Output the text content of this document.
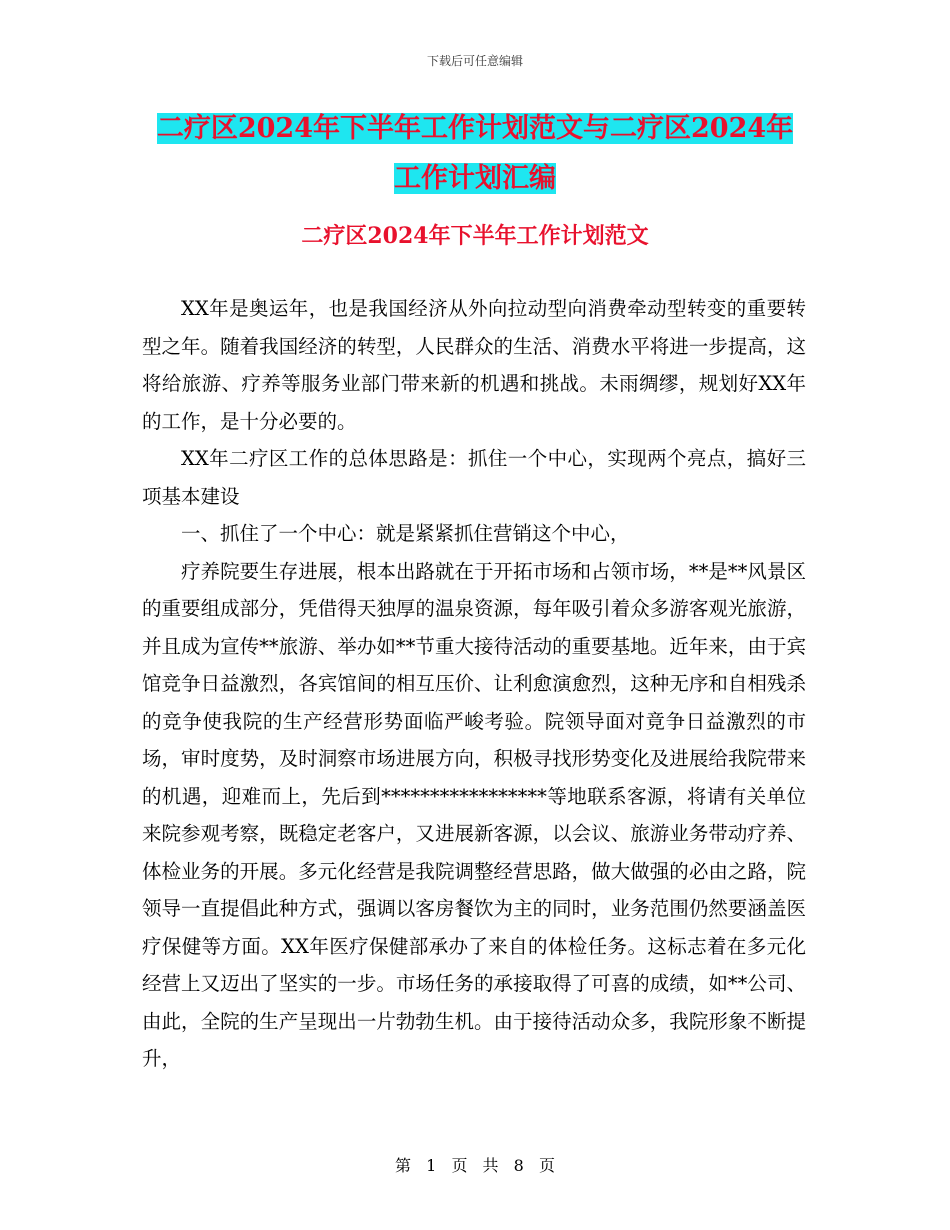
下载后可任意编辑
二疗区2024年下半年工作计划范文与二疗区2024年
工作计划汇编
二疗区2024年下半年工作计划范文

XX年是奥运年，也是我国经济从外向拉动型向消费牵动型转变的重要转型之年。随着我国经济的转型，人民群众的生活、消费水平将进一步提高，这将给旅游、疗养等服务业部门带来新的机遇和挑战。未雨绸缪，规划好XX年的工作，是十分必要的。

XX年二疗区工作的总体思路是：抓住一个中心，实现两个亮点，搞好三项基本建设

一、抓住了一个中心：就是紧紧抓住营销这个中心，

疗养院要生存进展，根本出路就在于开拓市场和占领市场，**是**风景区的重要组成部分，凭借得天独厚的温泉资源，每年吸引着众多游客观光旅游，并且成为宣传**旅游、举办如**节重大接待活动的重要基地。近年来，由于宾馆竞争日益激烈，各宾馆间的相互压价、让利愈演愈烈，这种无序和自相残杀的竞争使我院的生产经营形势面临严峻考验。院领导面对竟争日益激烈的市场，审时度势，及时洞察市场进展方向，积极寻找形势变化及进展给我院带来的机遇，迎难而上，先后到*****************等地联系客源，将请有关单位来院参观考察，既稳定老客户，又进展新客源，以会议、旅游业务带动疗养、体检业务的开展。多元化经营是我院调整经营思路，做大做强的必由之路，院领导一直提倡此种方式，强调以客房餐饮为主的同时，业务范围仍然要涵盖医疗保健等方面。XX年医疗保健部承办了来自的体检任务。这标志着在多元化经营上又迈出了坚实的一步。市场任务的承接取得了可喜的成绩，如**公司、由此，全院的生产呈现出一片勃勃生机。由于接待活动众多，我院形象不断提升，

第 1 页 共 8 页
